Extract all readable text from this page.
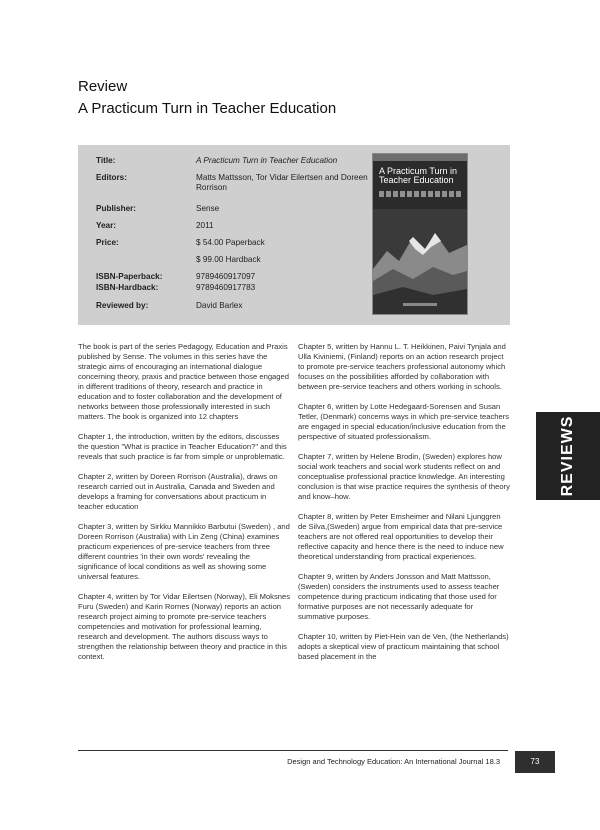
Review
A Practicum Turn in Teacher Education
Title:	A Practicum Turn in Teacher Education
Editors:	Matts Mattsson, Tor Vidar Eilertsen and Doreen Rorrison
Publisher:	Sense
Year:	2011
Price:	$ 54.00 Paperback
$ 99.00 Hardback
ISBN-Paperback:	9789460917097
ISBN-Hardback:	9789460917783
Reviewed by:	David Barlex
A Practicum Turn in Teacher Education

The book is part of the series Pedagogy, Education and Praxis published by Sense. The volumes in this series have the strategic aims of encouraging an international dialogue concerning theory, praxis and practice between those engaged in different traditions of theory, research and practice in education and to foster collaboration and the development of networks between those professionally interested in such matters. The book is organized into 12 chapters

Chapter 1, the introduction, written by the editors, discusses the question "What is practice in Teacher Education?" and this reveals that such practice is far from simple or unproblematic.

Chapter 2, written by Doreen Rorrison (Australia), draws on research carried out in Australia, Canada and Sweden and develops a framing for conversations about practicum in teacher education

Chapter 3, written by Sirkku Mannikko Barbutui (Sweden) , and Doreen Rorrison (Australia) with Lin Zeng (China) examines practicum experiences of pre-service teachers from three different countries 'in their own words' revealing the significance of local conditions as well as showing some universal features.

Chapter 4, written by Tor Vidar Eilertsen (Norway), Eli Moksnes Furu (Sweden) and Karin Rornes (Norway) reports an action research project aiming to promote pre-service teachers competencies and motivation for professional learning, research and development. The authors discuss ways to strengthen the relationship between theory and practice in this context.

Chapter 5, written by Hannu L. T. Heikkinen, Paivi Tynjala and Ulla Kiviniemi, (Finland) reports on an action research project to promote pre-service teachers professional autonomy which focuses on the possibilities afforded by collaboration with between pre-service teachers and others working in schools.

Chapter 6, written by Lotte Hedegaard-Sorensen and Susan Tetler, (Denmark) concerns ways in which pre-service teachers are engaged in special education/inclusive education from the perspective of situated professionalism.

Chapter 7, written by Helene Brodin, (Sweden) explores how social work teachers and social work students reflect on and conceptualise professional practice knowledge. An interesting conclusion is that wise practice requires the synthesis of theory and know–how.

Chapter 8, written by Peter Emsheimer and Nilani Ljunggren de Silva,(Sweden) argue from empirical data that pre-service teachers are not offered real opportunities to develop their reflective capacity and hence there is the need to induce new theoretical understanding from practical experiences.

Chapter 9, written by Anders Jonsson and Matt Mattsson, (Sweden) considers the instruments used to assess teacher competence during practicum indicating that those used for formative purposes are not necessarily adequate for summative purposes.

Chapter 10, written by Piet-Hein van de Ven, (the Netherlands) adopts a skeptical view of practicum maintaining that school based placement in the

REVIEWS
Design and Technology Education: An International Journal 18.3	73
